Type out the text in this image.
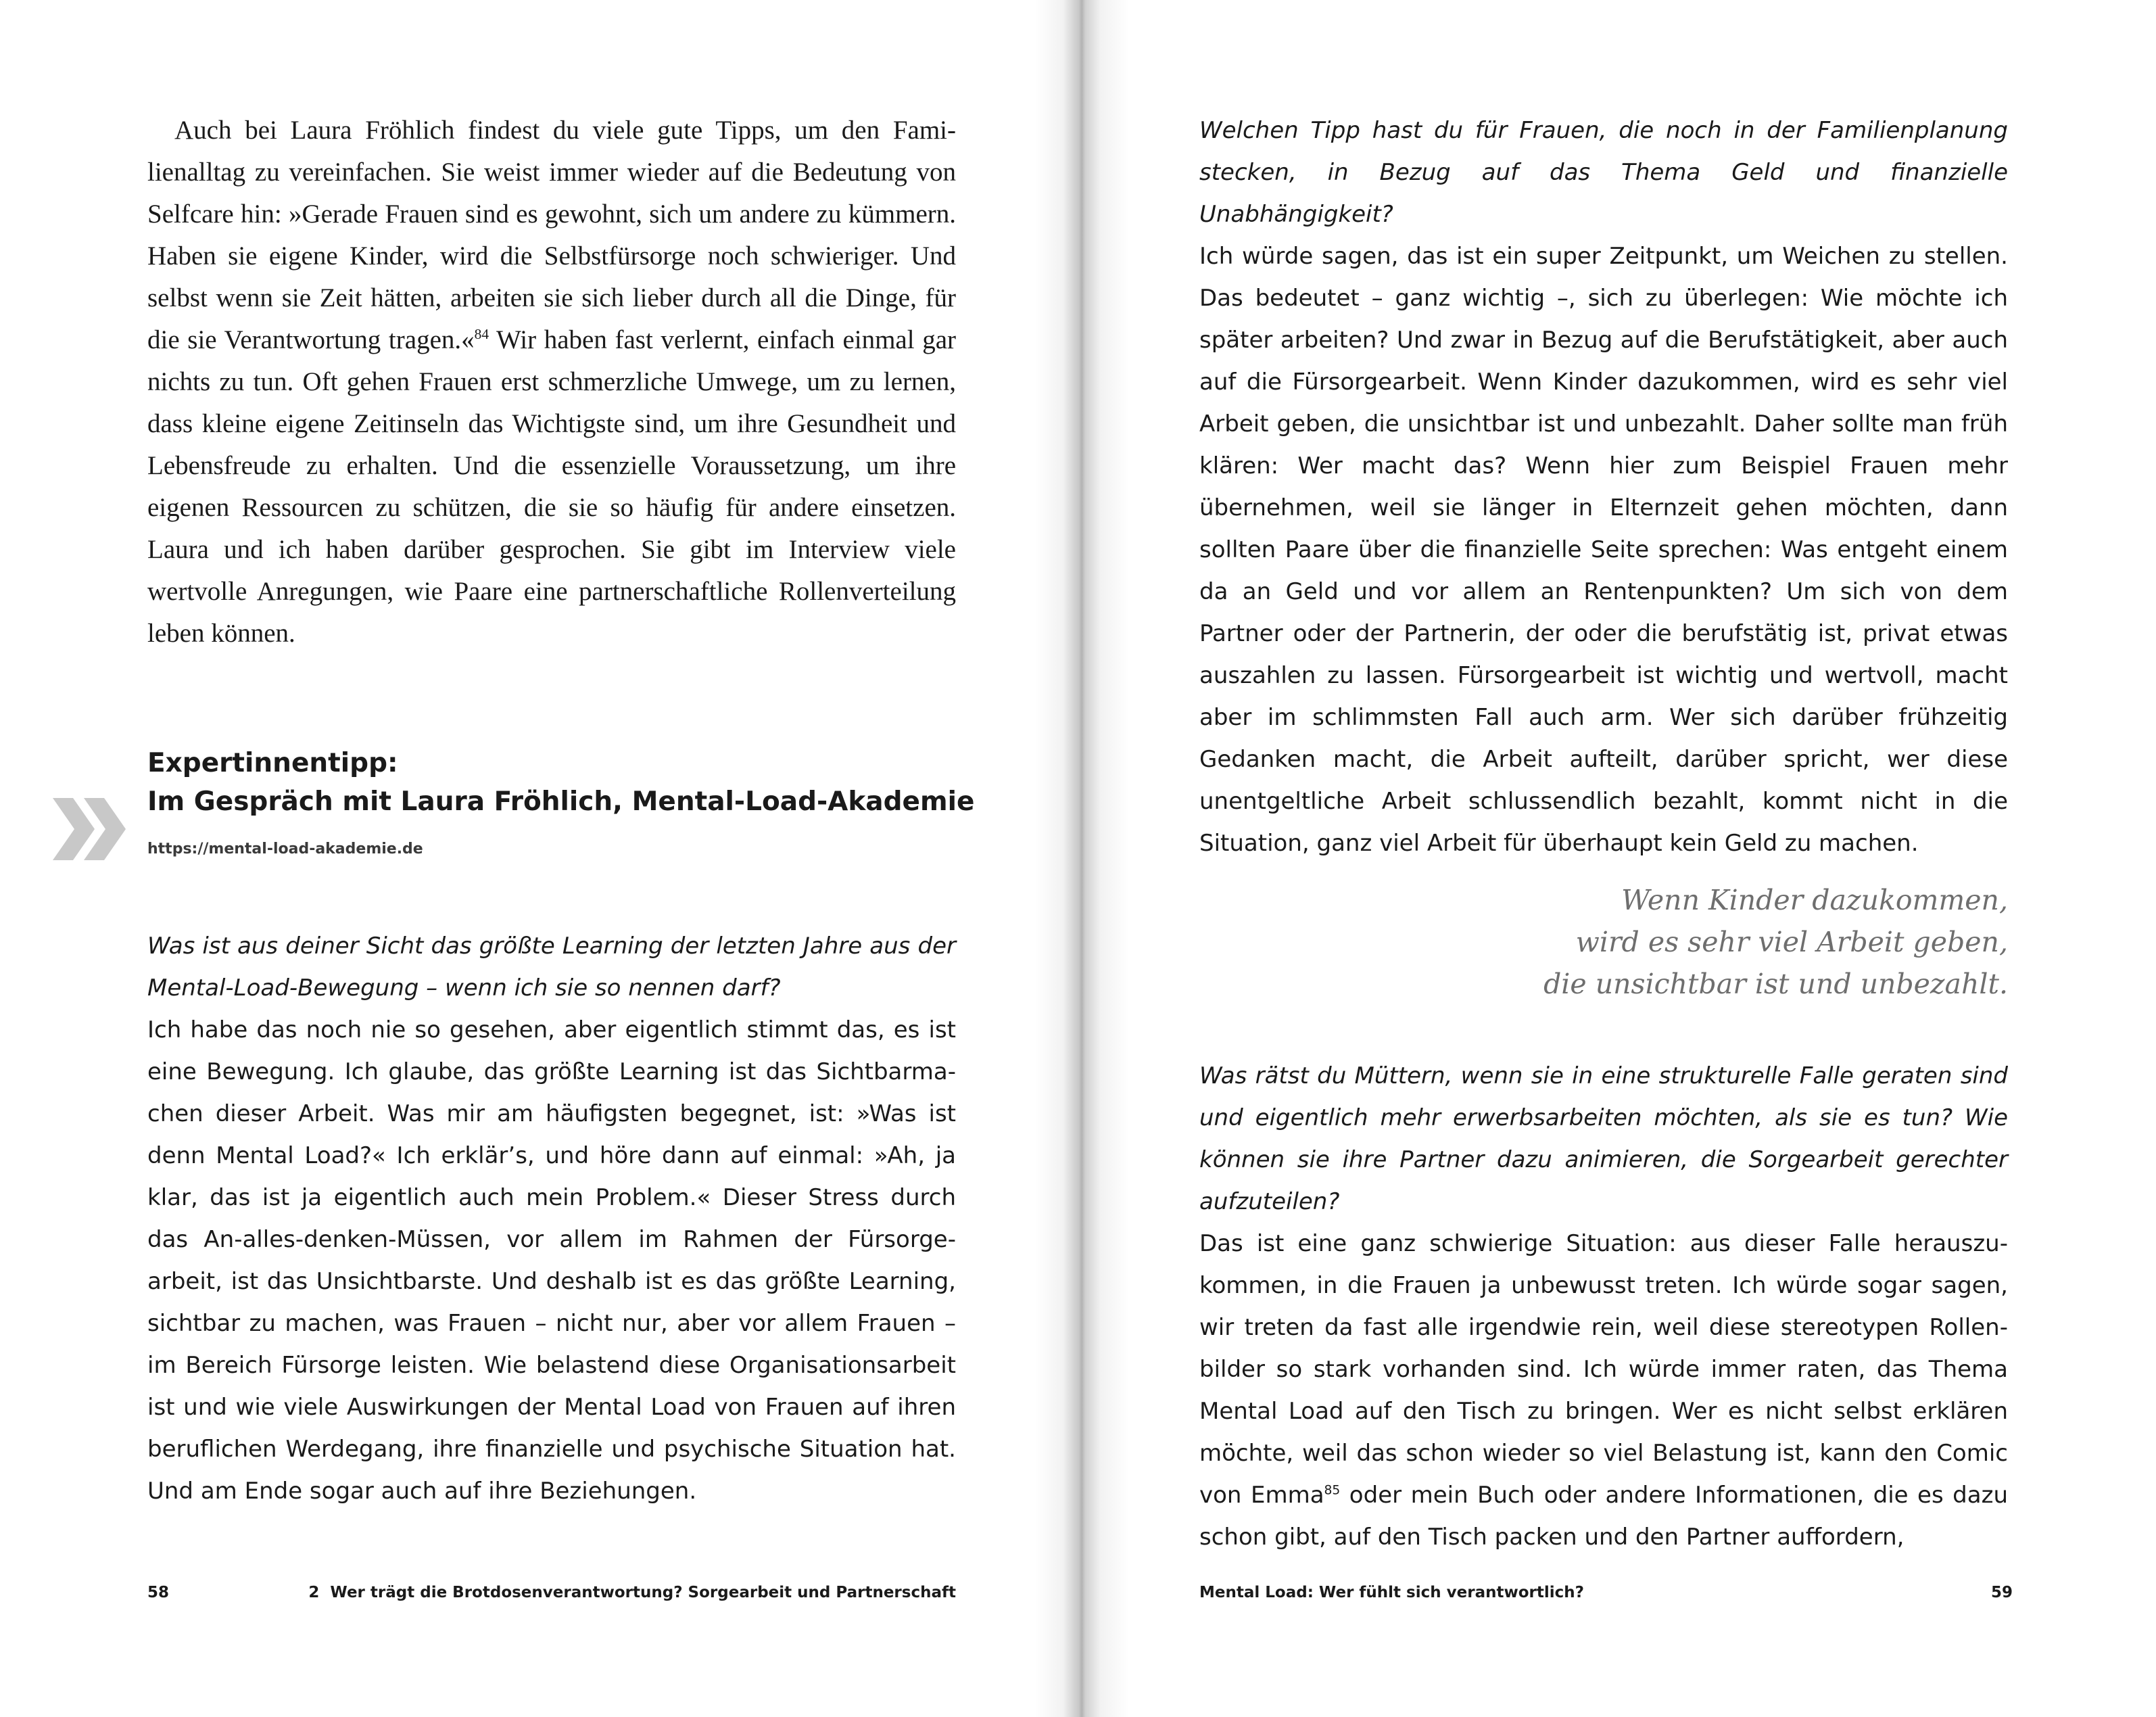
Auch bei Laura Fröhlich findest du viele gute Tipps, um den Familienalltag zu vereinfachen. Sie weist immer wieder auf die Bedeutung von Selfcare hin: »Gerade Frauen sind es gewohnt, sich um andere zu kümmern. Haben sie eigene Kinder, wird die Selbstfürsorge noch schwieriger. Und selbst wenn sie Zeit hätten, arbeiten sie sich lieber durch all die Dinge, für die sie Verantwortung tragen.«$^{84}$ Wir haben fast verlernt, einfach einmal gar nichts zu tun. Oft gehen Frauen erst schmerzliche Umwege, um zu lernen, dass kleine eigene Zeitinseln das Wichtigste sind, um ihre Gesundheit und Lebensfreude zu erhalten. Und die essenzielle Voraussetzung, um ihre eigenen Ressourcen zu schützen, die sie so häufig für andere einsetzen. Laura und ich haben darüber gesprochen. Sie gibt im Interview viele wertvolle Anregungen, wie Paare eine partnerschaftliche Rollenverteilung leben können.

Expertinnentipp:
Im Gespräch mit Laura Fröhlich, Mental-Load-Akademie
https://mental-load-akademie.de

Was ist aus deiner Sicht das größte Learning der letzten Jahre aus der Mental-Load-Bewegung – wenn ich sie so nennen darf?

Ich habe das noch nie so gesehen, aber eigentlich stimmt das, es ist eine Bewegung. Ich glaube, das größte Learning ist das Sichtbarmachen dieser Arbeit. Was mir am häufigsten begegnet, ist: »Was ist denn Mental Load?« Ich erklär’s, und höre dann auf einmal: »Ah, ja klar, das ist ja eigentlich auch mein Problem.« Dieser Stress durch das An-alles-denken-Müssen, vor allem im Rahmen der Fürsorgearbeit, ist das Unsichtbarste. Und deshalb ist es das größte Learning, sichtbar zu machen, was Frauen – nicht nur, aber vor allem Frauen – im Bereich Fürsorge leisten. Wie belastend diese Organisationsarbeit ist und wie viele Auswirkungen der Mental Load von Frauen auf ihren beruflichen Werdegang, ihre finanzielle und psychische Situation hat. Und am Ende sogar auch auf ihre Beziehungen.

58	2  Wer trägt die Brotdosenverantwortung? Sorgearbeit und Partnerschaft

Welchen Tipp hast du für Frauen, die noch in der Familienplanung stecken, in Bezug auf das Thema Geld und finanzielle Unabhängigkeit?

Ich würde sagen, das ist ein super Zeitpunkt, um Weichen zu stellen. Das bedeutet – ganz wichtig –, sich zu überlegen: Wie möchte ich später arbeiten? Und zwar in Bezug auf die Berufstätigkeit, aber auch auf die Fürsorgearbeit. Wenn Kinder dazukommen, wird es sehr viel Arbeit geben, die unsichtbar ist und unbezahlt. Daher sollte man früh klären: Wer macht das? Wenn hier zum Beispiel Frauen mehr übernehmen, weil sie länger in Elternzeit gehen möchten, dann sollten Paare über die finanzielle Seite sprechen: Was entgeht einem da an Geld und vor allem an Rentenpunkten? Um sich von dem Partner oder der Partnerin, der oder die berufstätig ist, privat etwas auszahlen zu lassen. Fürsorgearbeit ist wichtig und wertvoll, macht aber im schlimmsten Fall auch arm. Wer sich darüber frühzeitig Gedanken macht, die Arbeit aufteilt, darüber spricht, wer diese unentgeltliche Arbeit schlussendlich bezahlt, kommt nicht in die Situation, ganz viel Arbeit für überhaupt kein Geld zu machen.

Wenn Kinder dazukommen,
wird es sehr viel Arbeit geben,
die unsichtbar ist und unbezahlt.

Was rätst du Müttern, wenn sie in eine strukturelle Falle geraten sind und eigentlich mehr erwerbsarbeiten möchten, als sie es tun? Wie können sie ihre Partner dazu animieren, die Sorgearbeit gerechter aufzuteilen?

Das ist eine ganz schwierige Situation: aus dieser Falle herauszukommen, in die Frauen ja unbewusst treten. Ich würde sogar sagen, wir treten da fast alle irgendwie rein, weil diese stereotypen Rollenbilder so stark vorhanden sind. Ich würde immer raten, das Thema Mental Load auf den Tisch zu bringen. Wer es nicht selbst erklären möchte, weil das schon wieder so viel Belastung ist, kann den Comic von Emma$^{85}$ oder mein Buch oder andere Informationen, die es dazu schon gibt, auf den Tisch packen und den Partner auffordern,

Mental Load: Wer fühlt sich verantwortlich?	59
